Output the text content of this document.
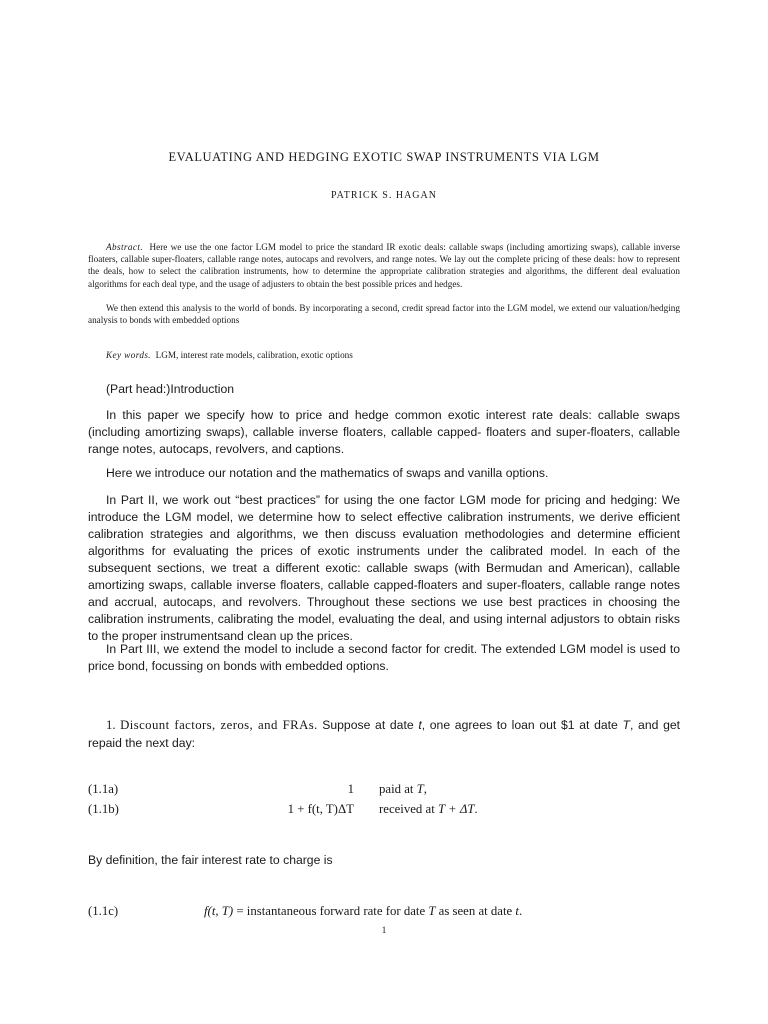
EVALUATING AND HEDGING EXOTIC SWAP INSTRUMENTS VIA LGM
PATRICK S. HAGAN

Abstract. Here we use the one factor LGM model to price the standard IR exotic deals: callable swaps (including amortizing swaps), callable inverse floaters, callable super-floaters, callable range notes, autocaps and revolvers, and range notes. We lay out the complete pricing of these deals: how to represent the deals, how to select the calibration instruments, how to determine the appropriate calibration strategies and algorithms, the different deal evaluation algorithms for each deal type, and the usage of adjusters to obtain the best possible prices and hedges.

We then extend this analysis to the world of bonds. By incorporating a second, credit spread factor into the LGM model, we extend our valuation/hedging analysis to bonds with embedded options

Key words. LGM, interest rate models, calibration, exotic options

(Part head:)Introduction

In this paper we specify how to price and hedge common exotic interest rate deals: callable swaps (including amortizing swaps), callable inverse floaters, callable capped- floaters and super-floaters, callable range notes, autocaps, revolvers, and captions.

Here we introduce our notation and the mathematics of swaps and vanilla options.

In Part II, we work out “best practices” for using the one factor LGM mode for pricing and hedging: We introduce the LGM model, we determine how to select effective calibration instruments, we derive efficient calibration strategies and algorithms, we then discuss evaluation methodologies and determine efficient algorithms for evaluating the prices of exotic instruments under the calibrated model. In each of the subsequent sections, we treat a different exotic: callable swaps (with Bermudan and American), callable amortizing swaps, callable inverse floaters, callable capped-floaters and super-floaters, callable range notes and accrual, autocaps, and revolvers. Throughout these sections we use best practices in choosing the calibration instruments, calibrating the model, evaluating the deal, and using internal adjustors to obtain risks to the proper instrumentsand clean up the prices.

In Part III, we extend the model to include a second factor for credit. The extended LGM model is used to price bond, focussing on bonds with embedded options.

1. Discount factors, zeros, and FRAs. Suppose at date t, one agrees to loan out $1 at date T, and get repaid the next day:

(1.1a)	1 paid at T,
(1.1b)	1 + f(t, T)ΔT received at T + ΔT.

By definition, the fair interest rate to charge is

(1.1c)	f(t, T) = instantaneous forward rate for date T as seen at date t.
1
